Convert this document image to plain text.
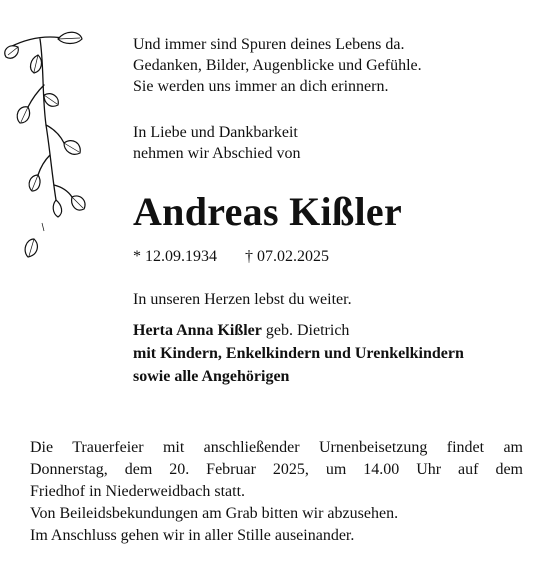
Und immer sind Spuren deines Lebens da.
Gedanken, Bilder, Augenblicke und Gefühle.
Sie werden uns immer an dich erinnern.
In Liebe und Dankbarkeit
nehmen wir Abschied von
Andreas Kißler
* 12.09.1934 † 07.02.2025
In unseren Herzen lebst du weiter.
Herta Anna Kißler geb. Dietrich
mit Kindern, Enkelkindern und Urenkelkindern
sowie alle Angehörigen
Die Trauerfeier mit anschließender Urnenbeisetzung findet am
Donnerstag, dem 20. Februar 2025, um 14.00 Uhr auf dem
Friedhof in Niederweidbach statt.
Von Beileidsbekundungen am Grab bitten wir abzusehen.
Im Anschluss gehen wir in aller Stille auseinander.
